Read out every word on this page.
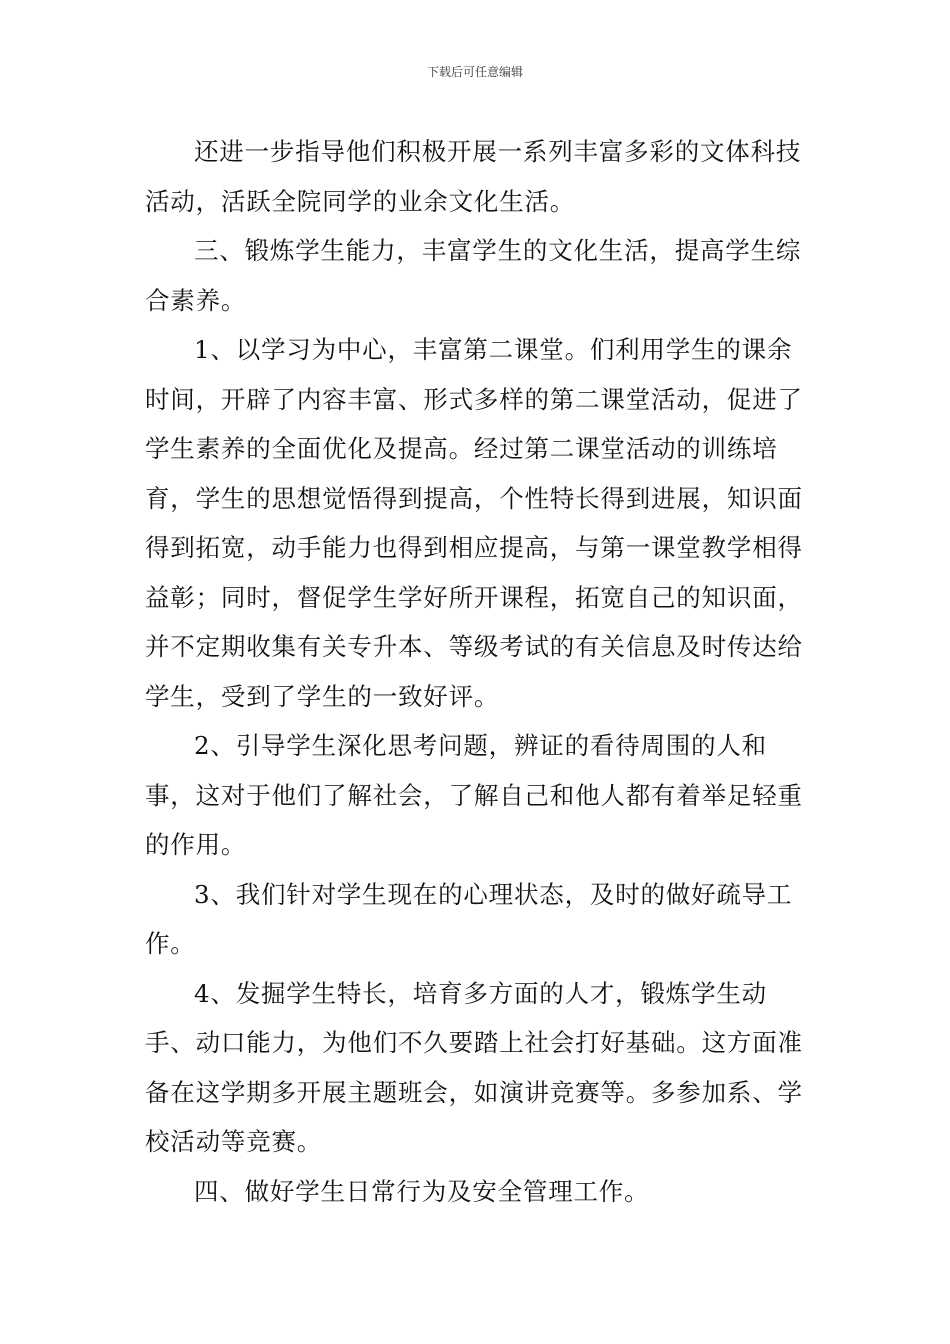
下载后可任意编辑

还进一步指导他们积极开展一系列丰富多彩的文体科技活动，活跃全院同学的业余文化生活。

三、锻炼学生能力，丰富学生的文化生活，提高学生综合素养。

1、以学习为中心，丰富第二课堂。们利用学生的课余时间，开辟了内容丰富、形式多样的第二课堂活动，促进了学生素养的全面优化及提高。经过第二课堂活动的训练培育，学生的思想觉悟得到提高，个性特长得到进展，知识面得到拓宽，动手能力也得到相应提高，与第一课堂教学相得益彰；同时，督促学生学好所开课程，拓宽自己的知识面，并不定期收集有关专升本、等级考试的有关信息及时传达给学生，受到了学生的一致好评。

2、引导学生深化思考问题，辨证的看待周围的人和事，这对于他们了解社会，了解自己和他人都有着举足轻重的作用。

3、我们针对学生现在的心理状态，及时的做好疏导工作。

4、发掘学生特长，培育多方面的人才，锻炼学生动手、动口能力，为他们不久要踏上社会打好基础。这方面准备在这学期多开展主题班会，如演讲竞赛等。多参加系、学校活动等竞赛。

四、做好学生日常行为及安全管理工作。
